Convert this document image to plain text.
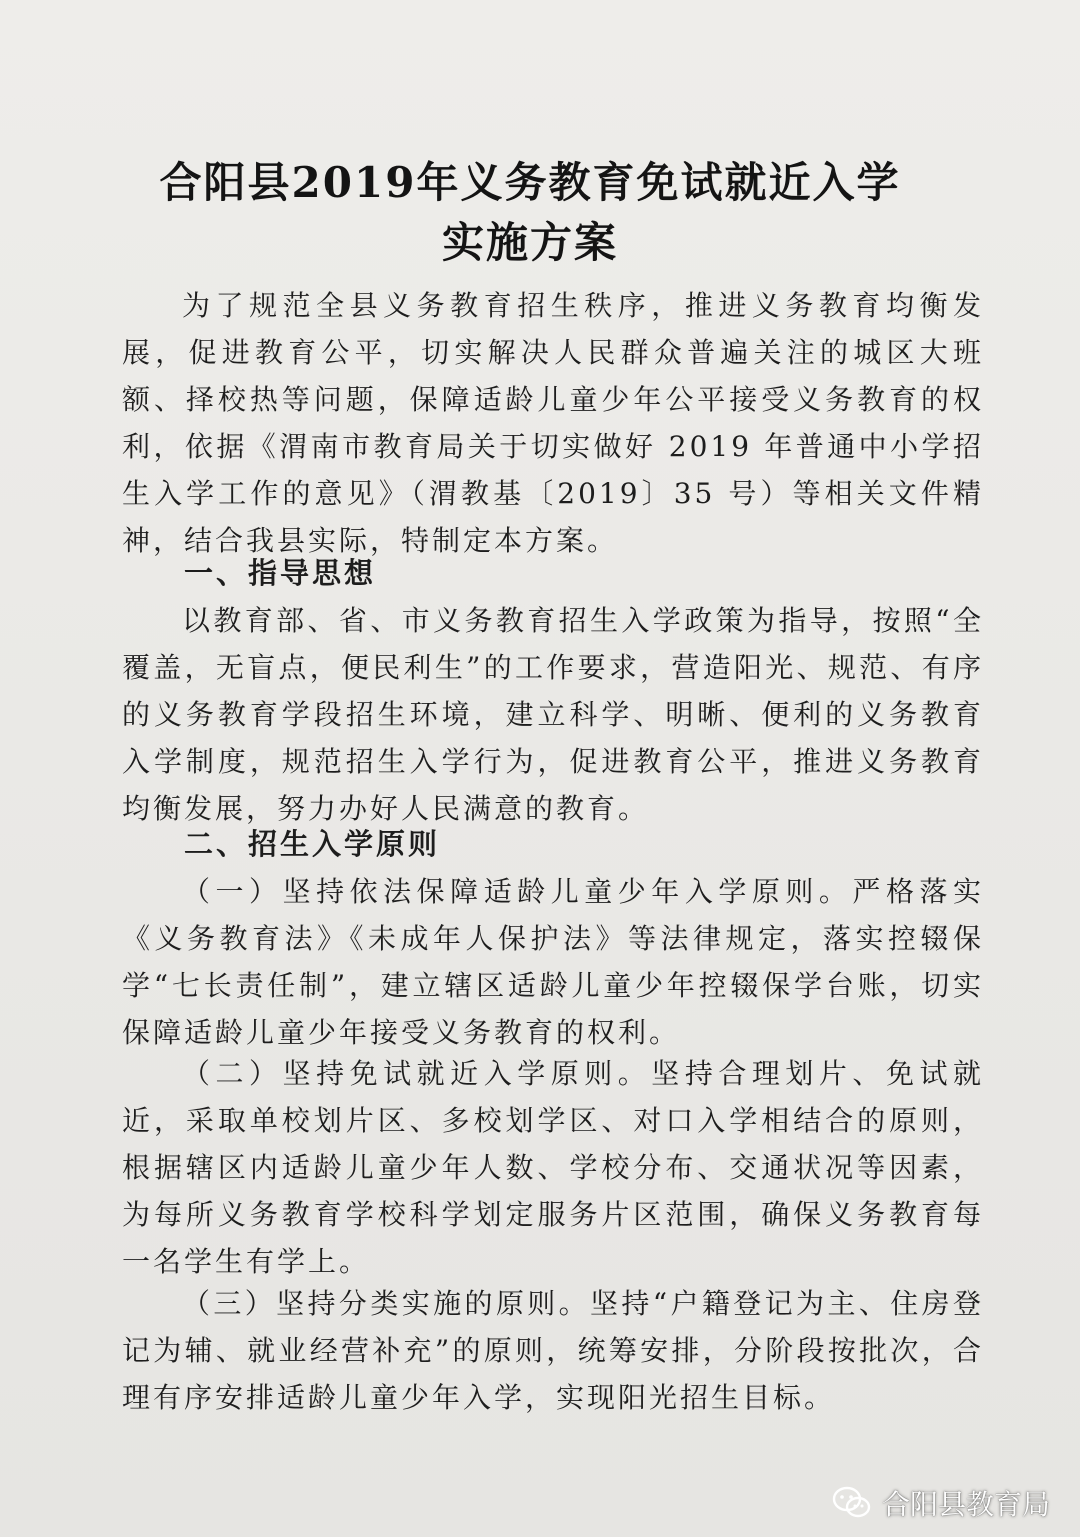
合阳县2019年义务教育免试就近入学
实施方案

为了规范全县义务教育招生秩序，推进义务教育均衡发展，促进教育公平，切实解决人民群众普遍关注的城区大班额、择校热等问题，保障适龄儿童少年公平接受义务教育的权利，依据《渭南市教育局关于切实做好 2019 年普通中小学招生入学工作的意见》（渭教基〔2019〕35 号）等相关文件精神，结合我县实际，特制定本方案。

一、指导思想

以教育部、省、市义务教育招生入学政策为指导，按照“全覆盖，无盲点，便民利生”的工作要求，营造阳光、规范、有序的义务教育学段招生环境，建立科学、明晰、便利的义务教育入学制度，规范招生入学行为，促进教育公平，推进义务教育均衡发展，努力办好人民满意的教育。

二、招生入学原则

（一）坚持依法保障适龄儿童少年入学原则。严格落实《义务教育法》《未成年人保护法》等法律规定，落实控辍保学“七长责任制”，建立辖区适龄儿童少年控辍保学台账，切实保障适龄儿童少年接受义务教育的权利。

（二）坚持免试就近入学原则。坚持合理划片、免试就近，采取单校划片区、多校划学区、对口入学相结合的原则，根据辖区内适龄儿童少年人数、学校分布、交通状况等因素，为每所义务教育学校科学划定服务片区范围，确保义务教育每一名学生有学上。

（三）坚持分类实施的原则。坚持“户籍登记为主、住房登记为辅、就业经营补充”的原则，统筹安排，分阶段按批次，合理有序安排适龄儿童少年入学，实现阳光招生目标。

合阳县教育局
